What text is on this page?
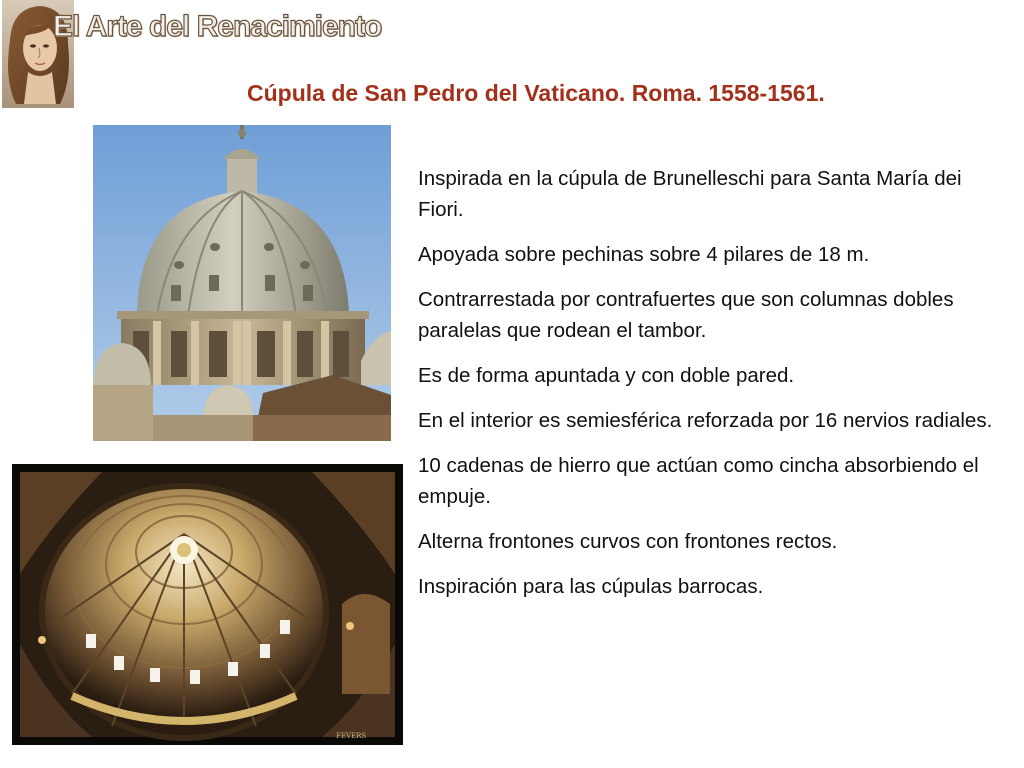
El Arte del Renacimiento
Cúpula de San Pedro del Vaticano. Roma. 1558-1561.
FEVERS

Inspirada en la cúpula de Brunelleschi para Santa María dei Fiori.

Apoyada sobre pechinas sobre 4 pilares de 18 m.

Contrarrestada por contrafuertes que son columnas dobles paralelas que rodean el tambor.

Es de forma apuntada y con doble pared.

En el interior es semiesférica reforzada por 16 nervios radiales.

10 cadenas de hierro que actúan como cincha absorbiendo el empuje.

Alterna frontones curvos con frontones rectos.

Inspiración para las cúpulas barrocas.
